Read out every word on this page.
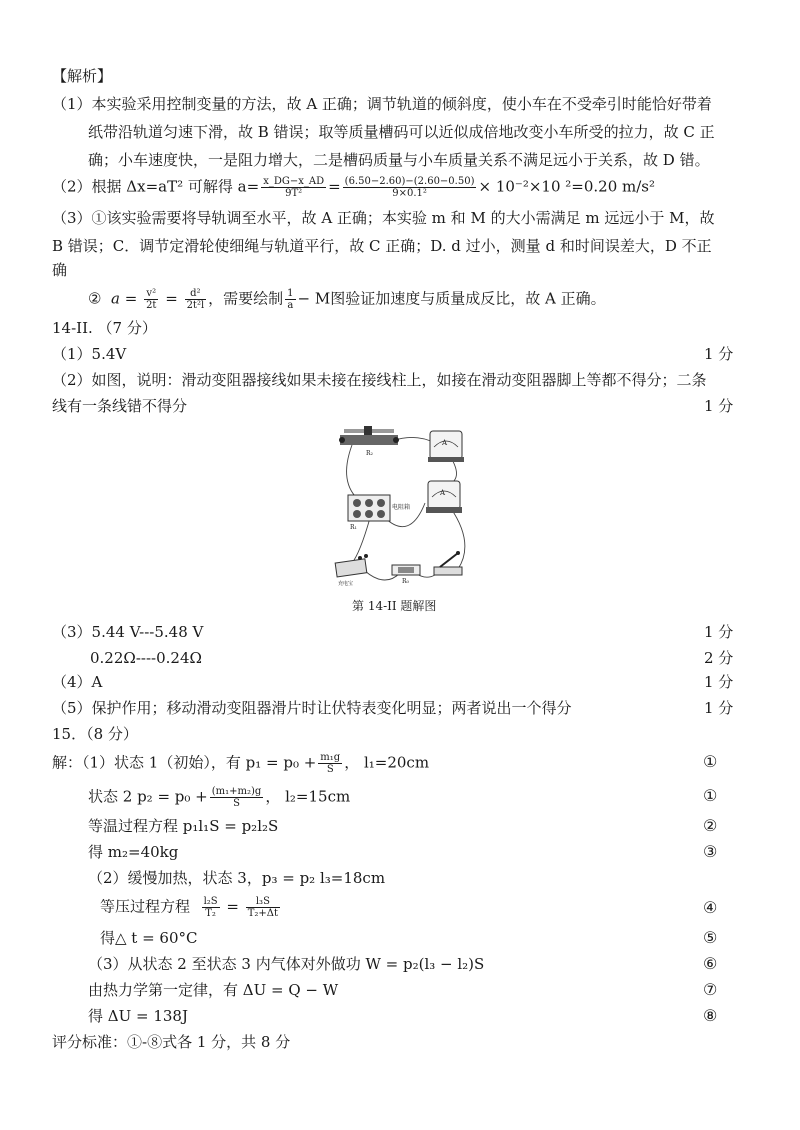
【解析】
（1）本实验采用控制变量的方法，故 A 正确；调节轨道的倾斜度，使小车在不受牵引时能恰好带着
纸带沿轨道匀速下滑，故 B 错误；取等质量槽码可以近似成倍地改变小车所受的拉力，故 C 正
确；小车速度快，一是阻力增大，二是槽码质量与小车质量关系不满足远小于关系，故 D 错。
（2）根据 Δx=aT² 可解得 $a= \frac{x\_DG-x\_AD}{\text{9T²}} = \frac{(6.50-2.60)-(2.60-0.50)}{\text{9×0.1²}} \times 10^{-2}\times 10$ ²=0.20 m/s²
（3）①该实验需要将导轨调至水平，故 A 正确；本实验 m 和 M 的大小需满足 m 远远小于 M，故
B 错误；C．调节定滑轮使细绳与轨道平行，故 C 正确；D. d 过小，测量 d 和时间误差大，D 不正
确
② $a = \frac{\text{v²}}{2t} = \frac{\text{d²}}{\text{2t²l}}$ ，需要绘制 $\frac{1}{a} - M$图验证加速度与质量成反比，故 A 正确。
14-II. （7 分）
（1）5.4V	1 分
（2）如图，说明：滑动变阻器接线如果未接在接线柱上，如接在滑动变阻器脚上等都不得分；二条
线有一条线错不得分	1 分
R₂
A
电阻箱
R₁
A
充电宝	R₀
第 14-II 题解图
（3）5.44 V---5.48 V	1 分
0.22Ω----0.24Ω	2 分
（4）A	1 分
（5）保护作用；移动滑动变阻器滑片时让伏特表变化明显；两者说出一个得分	1 分
15．（8 分）
解：（1）状态 1（初始），有 $p_1 = p_0 + \frac{\text{m₁g}}{S}$ ， l₁=20cm	①
状态 2 $p_2 = p_0 + \frac{\text{(m₁+m₂)g}}{S}$ ， l₂=15cm	①
等温过程方程 p₁l₁S = p₂l₂S	②
得 m₂=40kg	③
（2）缓慢加热，状态 3，p₃ = p₂ l₃=18cm
等压过程方程 $\frac{\text{l₂S}}{\text{T₂}} = \frac{\text{l₃S}}{\text{T₂+Δt}}$	④
得△ t = 60°C	⑤
（3）从状态 2 至状态 3 内气体对外做功 W = p₂(l₃ − l₂)S	⑥
由热力学第一定律，有 ΔU = Q − W	⑦
得 ΔU = 138J	⑧
评分标准：①-⑧式各 1 分，共 8 分
